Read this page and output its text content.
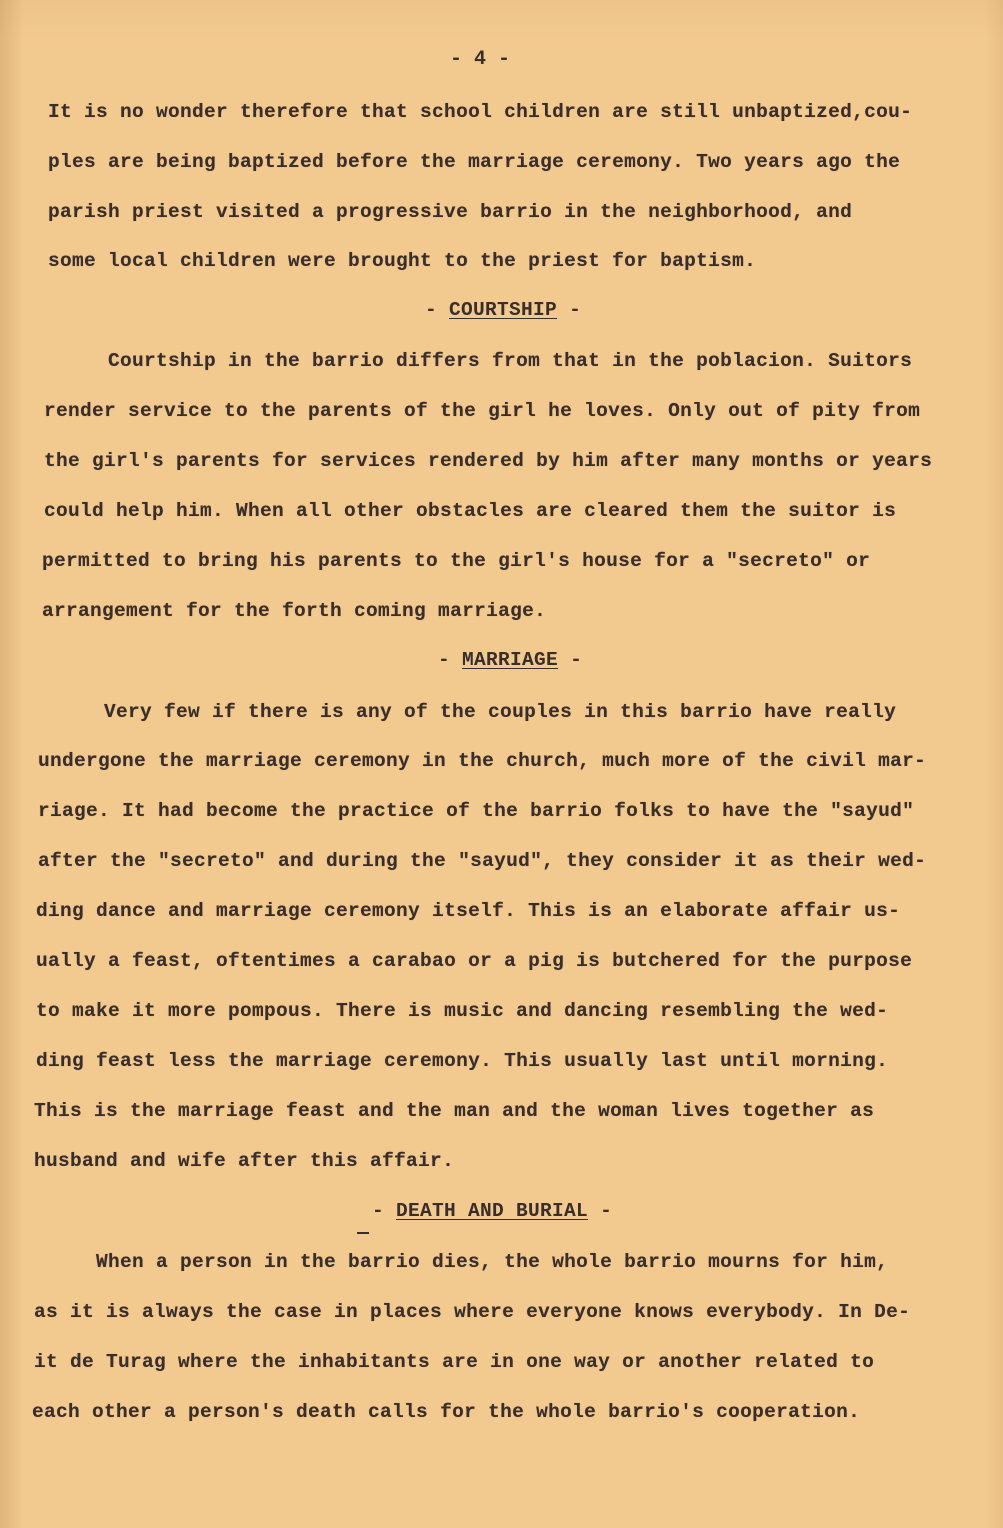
- 4 -
It is no wonder therefore that school children are still unbaptized,cou-
ples are being baptized before the marriage ceremony. Two years ago the
parish priest visited a progressive barrio in the neighborhood, and
some local children were brought to the priest for baptism.
- COURTSHIP -
Courtship in the barrio differs from that in the poblacion. Suitors
render service to the parents of the girl he loves. Only out of pity from
the girl's parents for services rendered by him after many months or years
could help him. When all other obstacles are cleared them the suitor is
permitted to bring his parents to the girl's house for a "secreto" or
arrangement for the forth coming marriage.
- MARRIAGE -
Very few if there is any of the couples in this barrio have really
undergone the marriage ceremony in the church, much more of the civil mar-
riage. It had become the practice of the barrio folks to have the "sayud"
after the "secreto" and during the "sayud", they consider it as their wed-
ding dance and marriage ceremony itself. This is an elaborate affair us-
ually a feast, oftentimes a carabao or a pig is butchered for the purpose
to make it more pompous. There is music and dancing resembling the wed-
ding feast less the marriage ceremony. This usually last until morning.
This is the marriage feast and the man and the woman lives together as
husband and wife after this affair.
- DEATH AND BURIAL -
When a person in the barrio dies, the whole barrio mourns for him,
as it is always the case in places where everyone knows everybody. In De-
it de Turag where the inhabitants are in one way or another related to
each other a person's death calls for the whole barrio's cooperation.
